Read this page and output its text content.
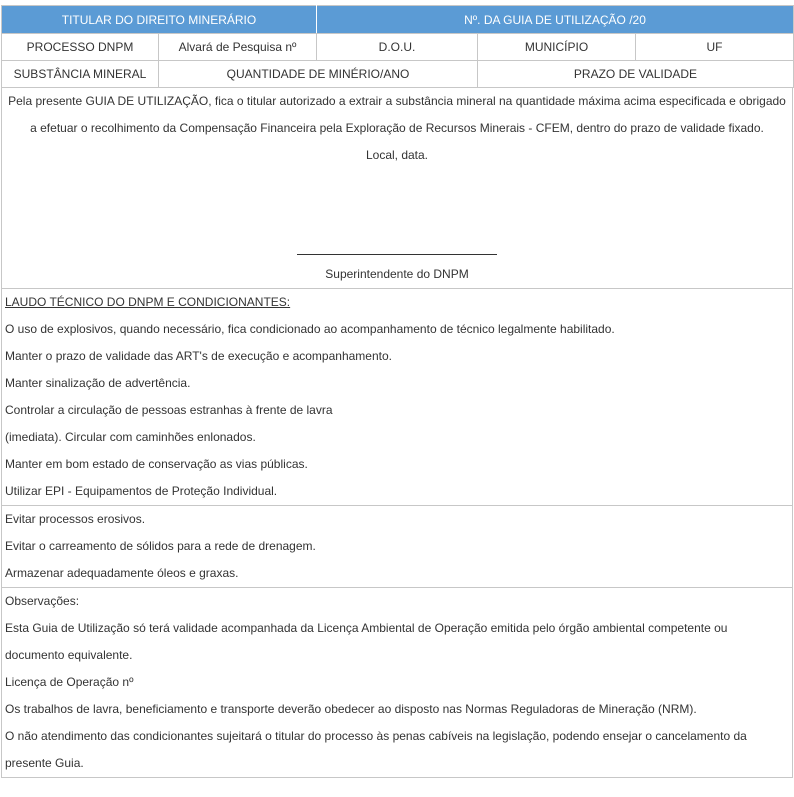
TITULAR DO DIREITO MINERÁRIO		Nº. DA GUIA DE UTILIZAÇÃO /20		
PROCESSO DNPM	Alvará de Pesquisa nº	D.O.U.	MUNICÍPIO	UF
SUBSTÂNCIA MINERAL	QUANTIDADE DE MINÉRIO/ANO		PRAZO DE VALIDADE	
Pela presente GUIA DE UTILIZAÇÃO, fica o titular autorizado a extrair a substância mineral na quantidade máxima acima especificada e obrigado a efetuar o recolhimento da Compensação Financeira pela Exploração de Recursos Minerais - CFEM, dentro do prazo de validade fixado.
Local, data.
Superintendente do DNPM
LAUDO TÉCNICO DO DNPM E CONDICIONANTES:
O uso de explosivos, quando necessário, fica condicionado ao acompanhamento de técnico legalmente habilitado.
Manter o prazo de validade das ART's de execução e acompanhamento.
Manter sinalização de advertência.
Controlar a circulação de pessoas estranhas à frente de lavra
(imediata). Circular com caminhões enlonados.
Manter em bom estado de conservação as vias públicas.
Utilizar EPI - Equipamentos de Proteção Individual.
Evitar processos erosivos.
Evitar o carreamento de sólidos para a rede de drenagem.
Armazenar adequadamente óleos e graxas.
Observações:
Esta Guia de Utilização só terá validade acompanhada da Licença Ambiental de Operação emitida pelo órgão ambiental competente ou
documento equivalente.
Licença de Operação nº
Os trabalhos de lavra, beneficiamento e transporte deverão obedecer ao disposto nas Normas Reguladoras de Mineração (NRM).
O não atendimento das condicionantes sujeitará o titular do processo às penas cabíveis na legislação, podendo ensejar o cancelamento da
presente Guia.
